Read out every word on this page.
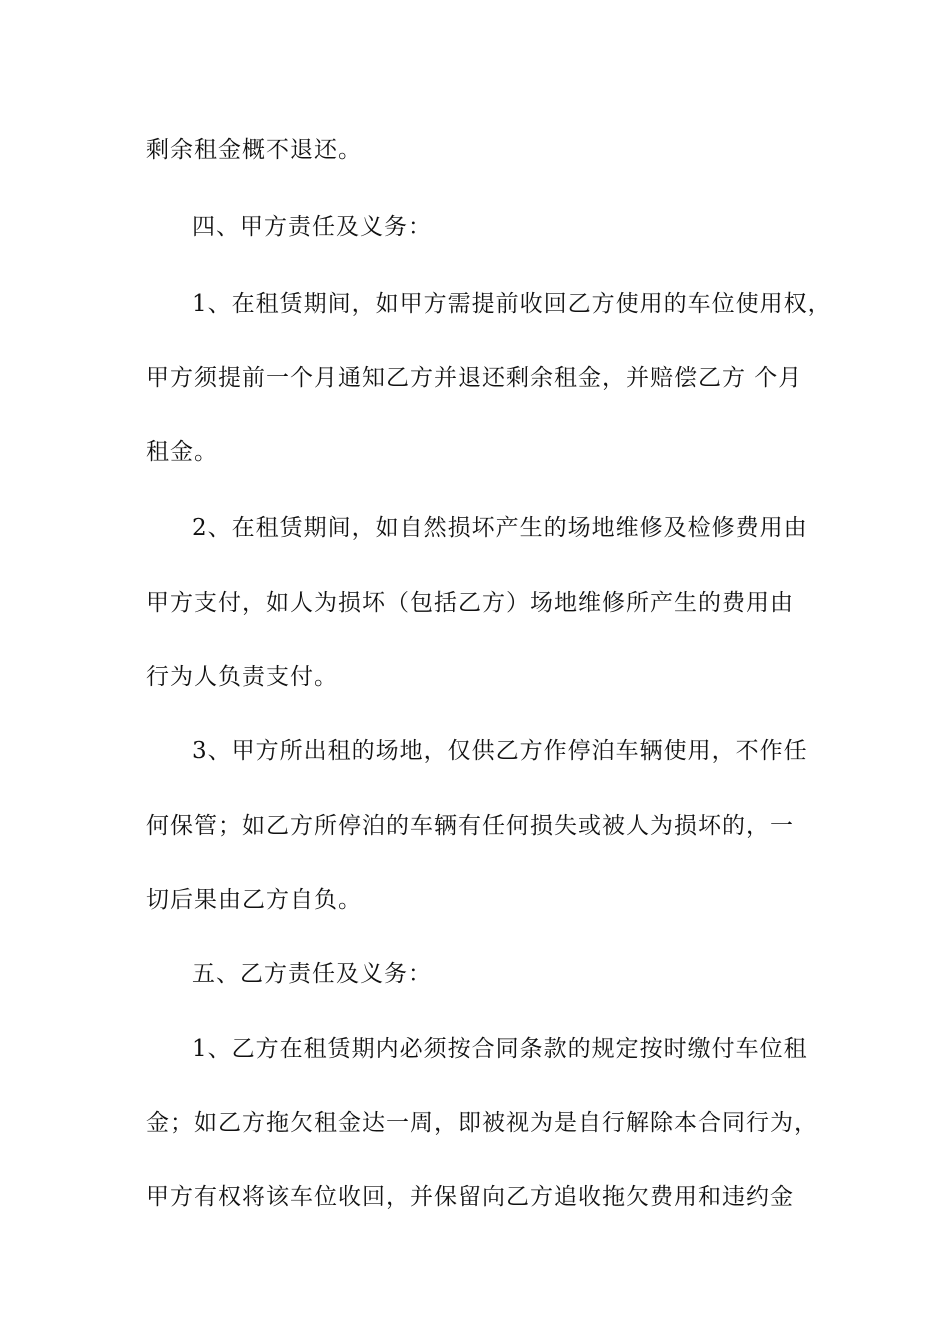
剩余租金概不退还。
四、甲方责任及义务：
1、在租赁期间，如甲方需提前收回乙方使用的车位使用权，
甲方须提前一个月通知乙方并退还剩余租金，并赔偿乙方 个月
租金。
2、在租赁期间，如自然损坏产生的场地维修及检修费用由
甲方支付，如人为损坏（包括乙方）场地维修所产生的费用由
行为人负责支付。
3、甲方所出租的场地，仅供乙方作停泊车辆使用，不作任
何保管；如乙方所停泊的车辆有任何损失或被人为损坏的，一
切后果由乙方自负。
五、乙方责任及义务：
1、乙方在租赁期内必须按合同条款的规定按时缴付车位租
金；如乙方拖欠租金达一周，即被视为是自行解除本合同行为，
甲方有权将该车位收回，并保留向乙方追收拖欠费用和违约金
